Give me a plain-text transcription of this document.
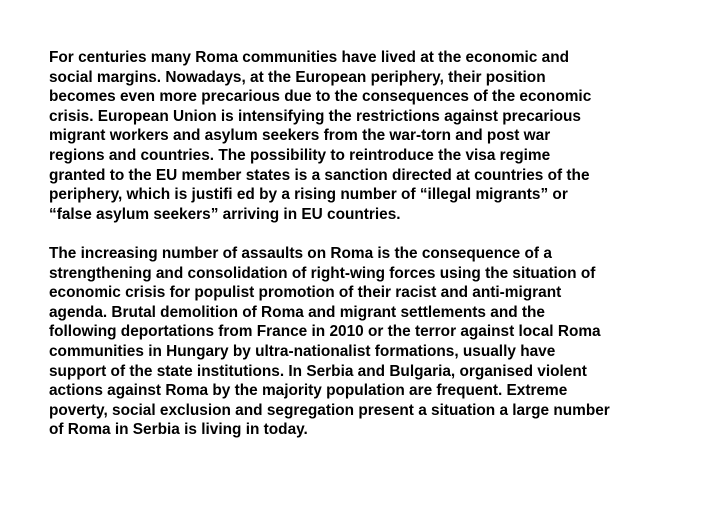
For centuries many Roma communities have lived at the economic and
social margins. Nowadays, at the European periphery, their position
becomes even more precarious due to the consequences of the economic
crisis. European Union is intensifying the restrictions against precarious
migrant workers and asylum seekers from the war-torn and post war
regions and countries. The possibility to reintroduce the visa regime
granted to the EU member states is a sanction directed at countries of the
periphery, which is justifi ed by a rising number of “illegal migrants” or
“false asylum seekers” arriving in EU countries.

The increasing number of assaults on Roma is the consequence of a
strengthening and consolidation of right-wing forces using the situation of
economic crisis for populist promotion of their racist and anti-migrant
agenda. Brutal demolition of Roma and migrant settlements and the
following deportations from France in 2010 or the terror against local Roma
communities in Hungary by ultra-nationalist formations, usually have
support of the state institutions. In Serbia and Bulgaria, organised violent
actions against Roma by the majority population are frequent. Extreme
poverty, social exclusion and segregation present a situation a large number
of Roma in Serbia is living in today.
